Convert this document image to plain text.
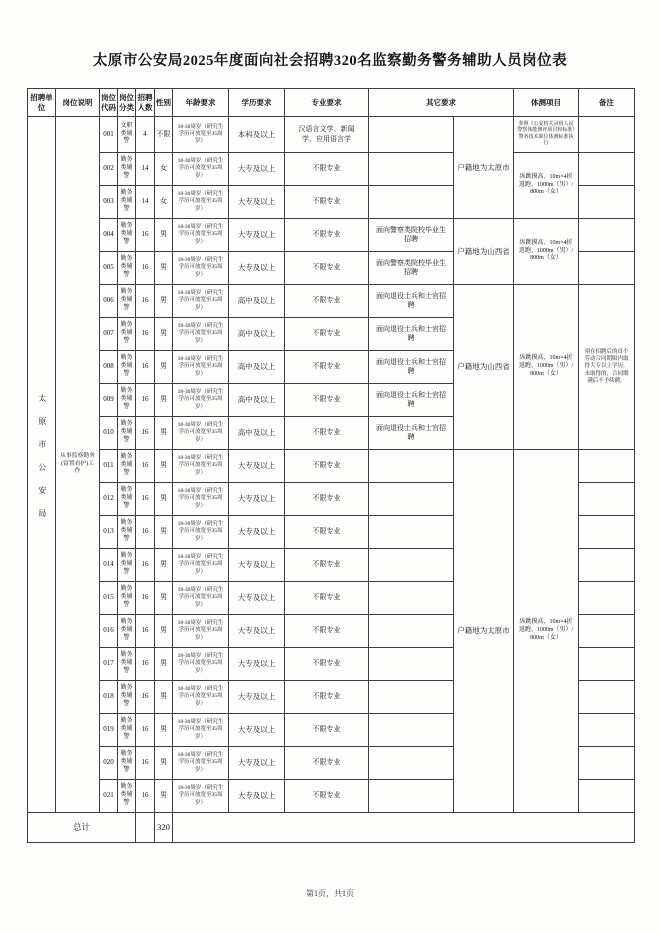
太原市公安局2025年度面向社会招聘320名监察勤务警务辅助人员岗位表
招聘单位	岗位说明	岗位代码	岗位分类	招聘人数	性别	年龄要求	学历要求	专业要求	其它要求		体测项目	备注
太原市公安局	从事监察勤务(留置看护)工作	001	文职类辅警	4	不限	18-30周岁（研究生学历可放宽至35周岁）	本科及以上	汉语言文学、新闻学、应用语言学		户籍地为太原市	参照《公安机关录用人民警察体能测评项目和标准》警务技术职位体测标准执行	
		002	勤务类辅警	14	女	18-30周岁（研究生学历可放宽至35周岁）	大专及以上	不限专业			纵跳摸高、10m×4折返跑、1000m（男）/800m（女）	
		003	勤务类辅警	14	女	18-30周岁（研究生学历可放宽至35周岁）	大专及以上	不限专业				
		004	勤务类辅警	16	男	18-30周岁（研究生学历可放宽至35周岁）	大专及以上	不限专业	面向警察类院校毕业生招聘	户籍地为山西省	纵跳摸高、10m×4折返跑、1000m（男）/800m（女）	
		005	勤务类辅警	16	男	18-30周岁（研究生学历可放宽至35周岁）	大专及以上	不限专业	面向警察类院校毕业生招聘			
		006	勤务类辅警	16	男	18-30周岁（研究生学历可放宽至35周岁）	高中及以上	不限专业	面向退役士兵和士官招聘	户籍地为山西省	纵跳摸高、10m×4折返跑、1000m（男）/800m（女）	须在招聘后的首个劳动合同期限内取得大专以上学历，未取得的，合同期满后不予续聘。
		007	勤务类辅警	16	男	18-30周岁（研究生学历可放宽至35周岁）	高中及以上	不限专业	面向退役士兵和士官招聘			
		008	勤务类辅警	16	男	18-30周岁（研究生学历可放宽至35周岁）	高中及以上	不限专业	面向退役士兵和士官招聘			
		009	勤务类辅警	16	男	18-30周岁（研究生学历可放宽至35周岁）	高中及以上	不限专业	面向退役士兵和士官招聘			
		010	勤务类辅警	16	男	18-30周岁（研究生学历可放宽至35周岁）	高中及以上	不限专业	面向退役士兵和士官招聘			
		011	勤务类辅警	16	男	18-30周岁（研究生学历可放宽至35周岁）	大专及以上	不限专业		户籍地为太原市	纵跳摸高、10m×4折返跑、1000m（男）/800m（女）	
		012	勤务类辅警	16	男	18-30周岁（研究生学历可放宽至35周岁）	大专及以上	不限专业				
		013	勤务类辅警	16	男	18-30周岁（研究生学历可放宽至35周岁）	大专及以上	不限专业				
		014	勤务类辅警	16	男	18-30周岁（研究生学历可放宽至35周岁）	大专及以上	不限专业				
		015	勤务类辅警	16	男	18-30周岁（研究生学历可放宽至35周岁）	大专及以上	不限专业				
		016	勤务类辅警	16	男	18-30周岁（研究生学历可放宽至35周岁）	大专及以上	不限专业				
		017	勤务类辅警	16	男	18-30周岁（研究生学历可放宽至35周岁）	大专及以上	不限专业				
		018	勤务类辅警	16	男	18-30周岁（研究生学历可放宽至35周岁）	大专及以上	不限专业				
		019	勤务类辅警	16	男	18-30周岁（研究生学历可放宽至35周岁）	大专及以上	不限专业				
		020	勤务类辅警	16	男	18-30周岁（研究生学历可放宽至35周岁）	大专及以上	不限专业				
		021	勤务类辅警	16	男	18-30周岁（研究生学历可放宽至35周岁）	大专及以上	不限专业				
总计					320							
第1页，共1页
